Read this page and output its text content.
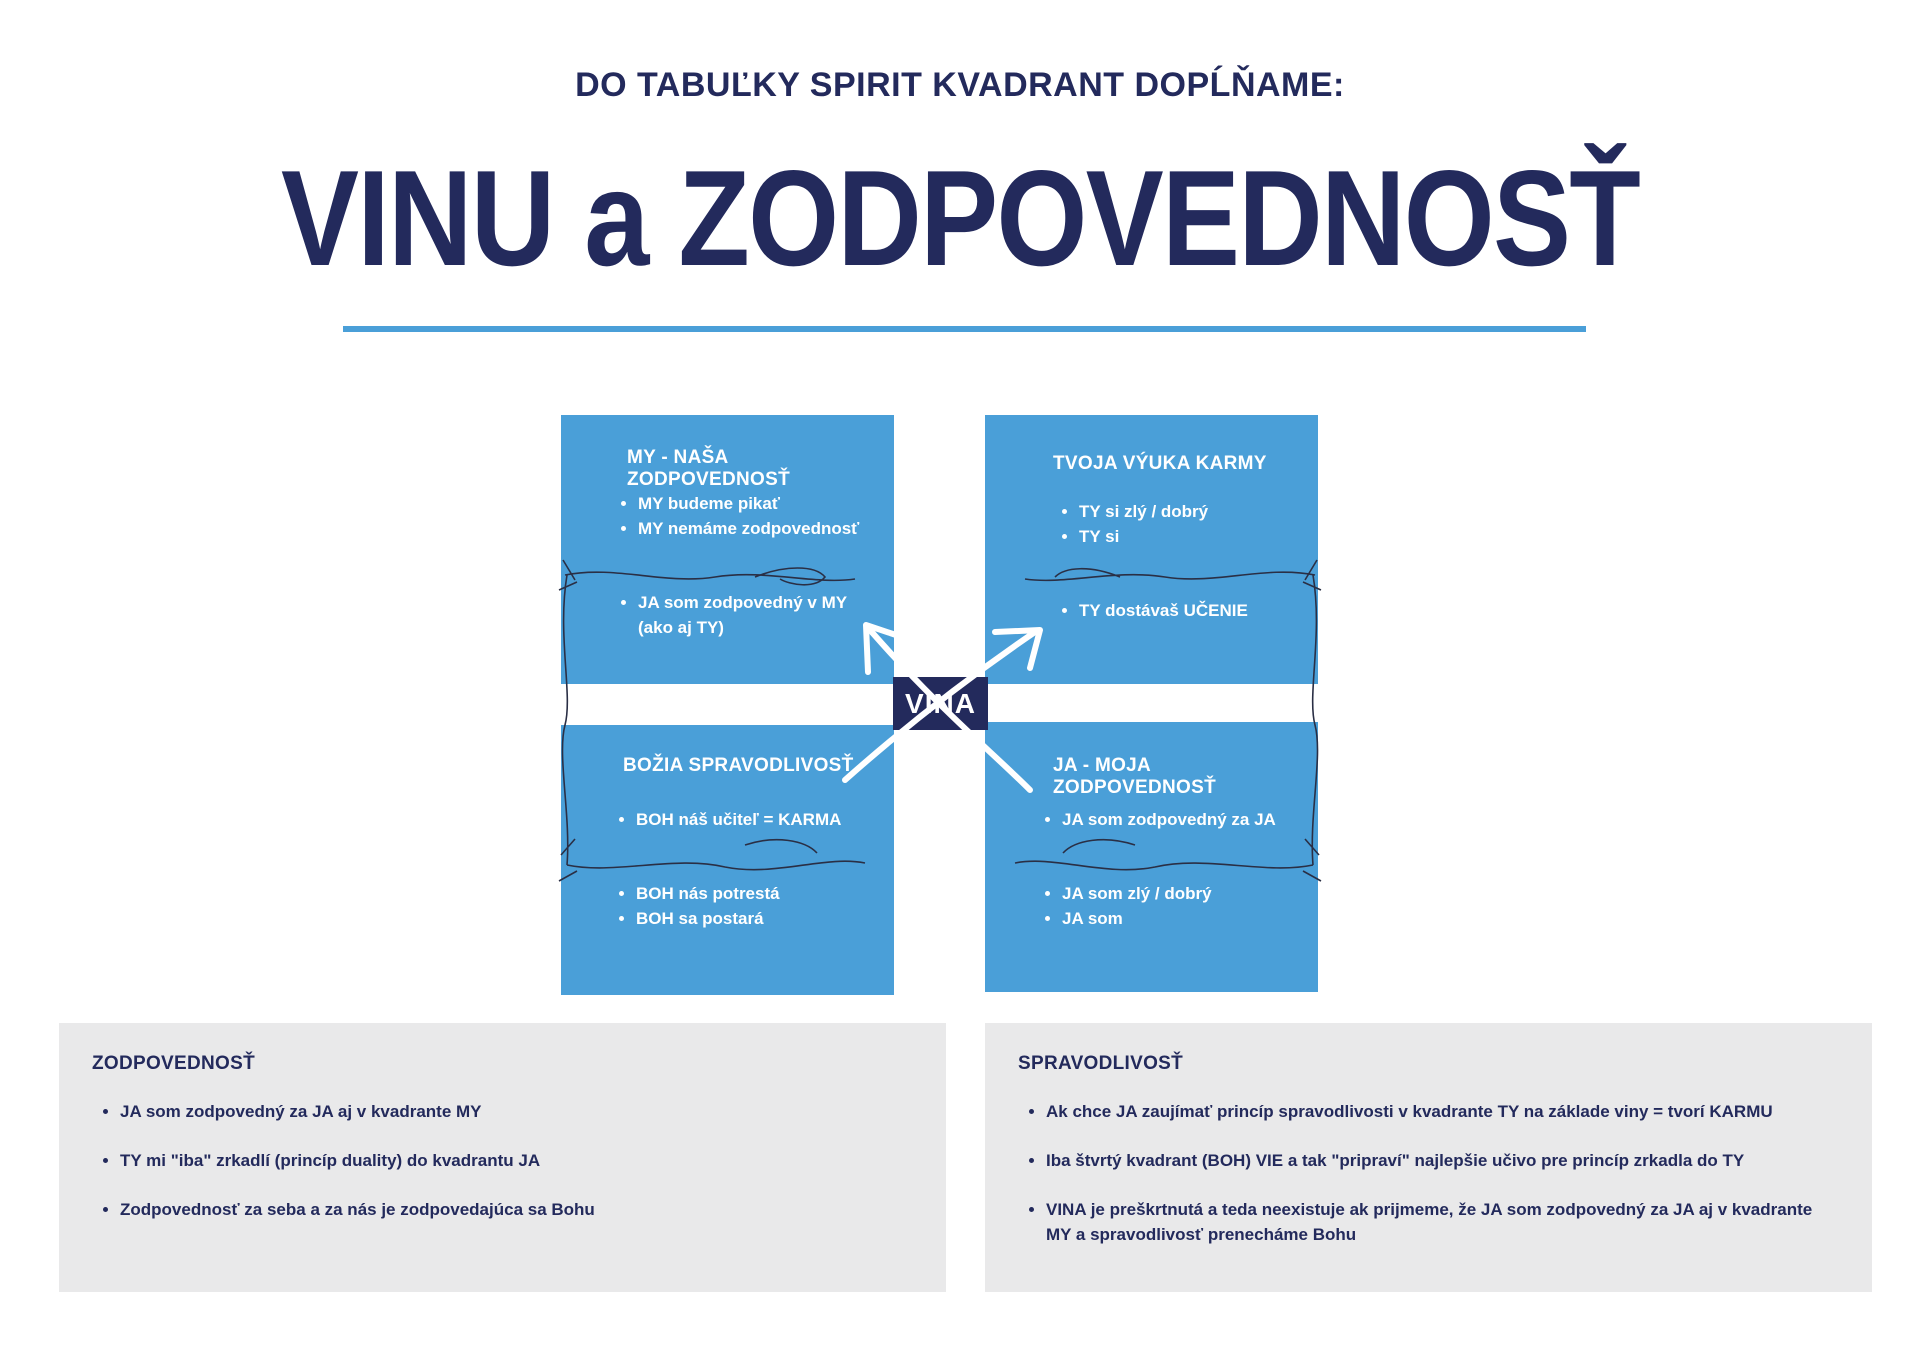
DO TABUĽKY SPIRIT KVADRANT DOPĹŇAME:
VINU a ZODPOVEDNOSŤ
MY - NAŠA ZODPOVEDNOSŤ
• MY budeme pikať
• MY nemáme zodpovednosť
• JA som zodpovedný v MY (ako aj TY)
TVOJA VÝUKA KARMY
• TY si zlý / dobrý
• TY si
• TY dostávaš UČENIE
BOŽIA SPRAVODLIVOSŤ
• BOH náš učiteľ = KARMA
• BOH nás potrestá
• BOH sa postará
JA - MOJA ZODPOVEDNOSŤ
• JA som zodpovedný za JA
• JA som zlý / dobrý
• JA som
VINA
ZODPOVEDNOSŤ
• JA som zodpovedný za JA aj v kvadrante MY
• TY mi "iba" zrkadlí (princíp duality) do kvadrantu JA
• Zodpovednosť za seba a za nás je zodpovedajúca sa Bohu
SPRAVODLIVOSŤ
• Ak chce JA zaujímať princíp spravodlivosti v kvadrante TY na základe viny = tvorí KARMU
• Iba štvrtý kvadrant (BOH) VIE a tak "pripraví" najlepšie učivo pre princíp zrkadla do TY
• VINA je preškrtnutá a teda neexistuje ak prijmeme, že JA som zodpovedný za JA aj v kvadrante MY a spravodlivosť prenecháme Bohu
